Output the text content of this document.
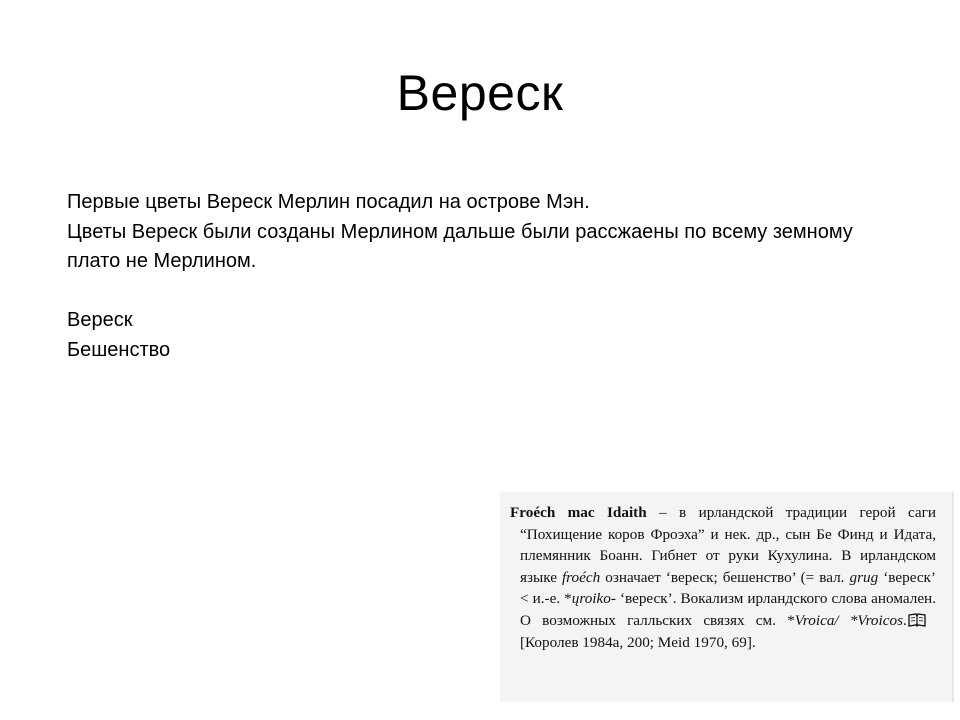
Вереск

Первые цветы Вереск Мерлин посадил на острове Мэн.

Цветы Вереск были созданы Мерлином дальше были рассжаены по всему земному плато не Мерлином.

Вереск

Бешенство

Froéch mac Idaith – в ирландской традиции герой саги “Похищение коров Фроэха” и нек. др., сын Бе Финд и Идата, племянник Боанн. Гибнет от руки Кухулина. В ирландском языке froéch означает ‘вереск; бешенство’ (= вал. grug ‘вереск’ < и.-е. *ųroiko- ‘вереск’. Вокализм ирландского слова аномален. О возможных галльских связях см. *Vroica/ *Vroicos.  [Королев 1984а, 200; Meid 1970, 69].
